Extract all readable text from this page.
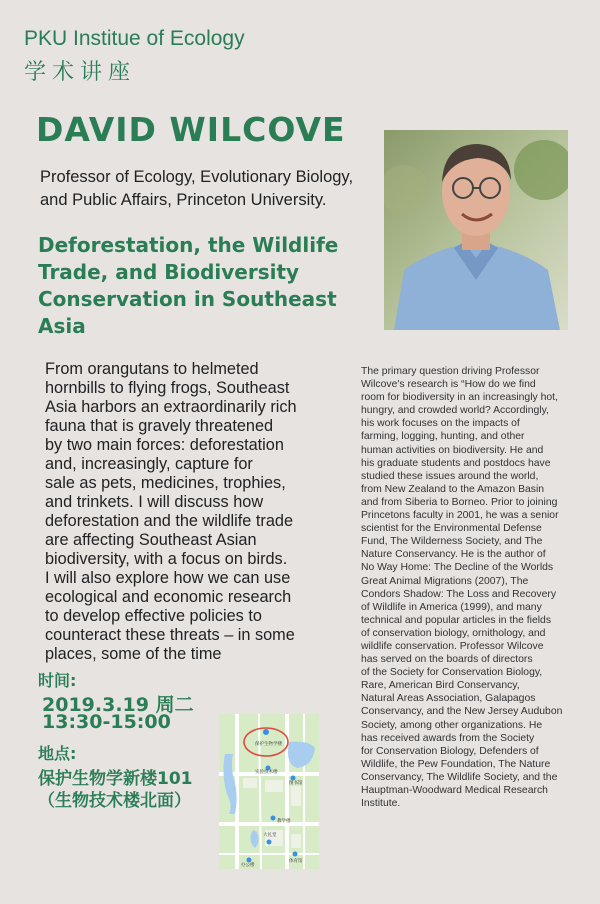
PKU Institue of Ecology
学术讲座
DAVID WILCOVE
Professor of Ecology, Evolutionary Biology,
and Public Affairs, Princeton University.
Deforestation, the Wildlife
Trade, and Biodiversity
Conservation in Southeast
Asia
From orangutans to helmeted
hornbills to flying frogs, Southeast
Asia harbors an extraordinarily rich
fauna that is gravely threatened
by two main forces: deforestation
and, increasingly, capture for
sale as pets, medicines, trophies,
and trinkets. I will discuss how
deforestation and the wildlife trade
are affecting Southeast Asian
biodiversity, with a focus on birds.
I will also explore how we can use
ecological and economic research
to develop effective policies to
counteract these threats – in some
places, some of the time
The primary question driving Professor
Wilcove's research is “How do we find
room for biodiversity in an increasingly hot,
hungry, and crowded world? Accordingly,
his work focuses on the impacts of
farming, logging, hunting, and other
human activities on biodiversity. He and
his graduate students and postdocs have
studied these issues around the world,
from New Zealand to the Amazon Basin
and from Siberia to Borneo. Prior to joining
Princetons faculty in 2001, he was a senior
scientist for the Environmental Defense
Fund, The Wilderness Society, and The
Nature Conservancy. He is the author of
No Way Home: The Decline of the Worlds
Great Animal Migrations (2007), The
Condors Shadow: The Loss and Recovery
of Wildlife in America (1999), and many
technical and popular articles in the fields
of conservation biology, ornithology, and
wildlife conservation. Professor Wilcove
has served on the boards of directors
of the Society for Conservation Biology,
Rare, American Bird Conservancy,
Natural Areas Association, Galapagos
Conservancy, and the New Jersey Audubon
Society, among other organizations. He
has received awards from the Society
for Conservation Biology, Defenders of
Wildlife, the Pew Foundation, The Nature
Conservancy, The Wildlife Society, and the
Hauptman-Woodward Medical Research
Institute.
时间:
2019.3.19 周二
13:30-15:00
地点:
保护生物学新楼101
（生物技术楼北面）
保护生物学楼
实验技术楼
图书馆
教学楼
大礼堂
体育馆
办公楼
